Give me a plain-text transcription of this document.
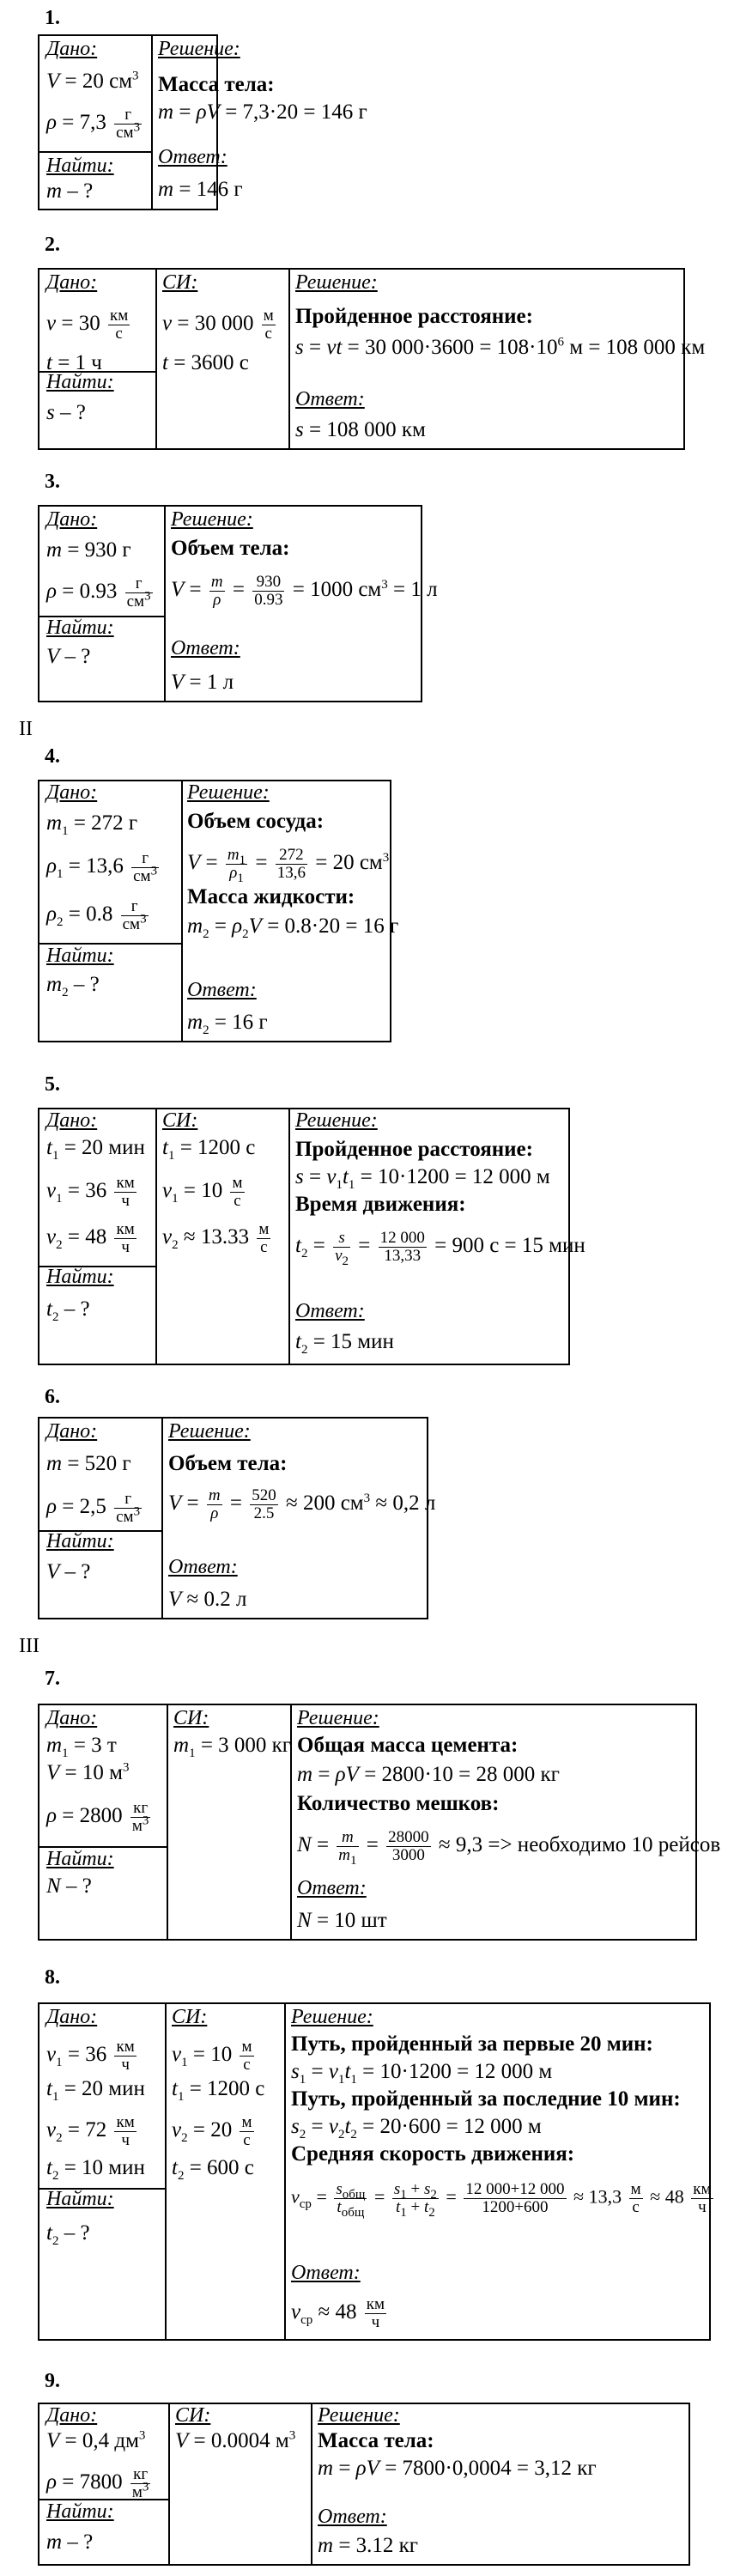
1.
Дано:
V = 20 $см^3$
ρ = 7,3 г
$см^3$
Найти:
m – ?
Решение:
Масса тела:
m = ρV = 7,3·20 = 146 г
Ответ:
m = 146 г
2.
Дано:
v = 30 км
с
t = 1 ч
Найти:
s – ?
СИ:
v = 30 000 м
с
t = 3600 с
Решение:
Пройденное расстояние:
s = vt = 30 $000\cdot 3600 = 108\cdot 10^6$ м = 108 000 км
Ответ:
s = 108 000 км
3.
Дано:
m = 930 г
ρ = 0.93 г
$см^3$
Найти:
V – ?
Решение:
Объем тела:
$V = \frac{m}{\rho} = \frac{930}{0.93} = 1000$ $см^3 = 1$ л
Ответ:
V = 1 л
II
4.
Дано:
$m_1 = 272$ г
$\rho_1 = 13,6$ г
$см^3$
$\rho_2 = 0.8$ г
$см^3$
Найти:
$m_2$ – ?
Решение:
Объем сосуда:
$V = \frac{m_1}{\rho_1} = \frac{272}{13,6} = 20$ $см^3$
Масса жидкости:
$m_2 = \rho_2V = 0.8\cdot 20 = 16$ г
Ответ:
$m_2 = 16$ г
5.
Дано:
$t_1 = 20$ мин
$v_1 = 36$ км
ч
$v_2 = 48$ км
ч
Найти:
$t_2$ – ?
СИ:
$t_1 = 1200$ с
$v_1 = 10$ м
с
$v_2 \approx 13.33$ м
с
Решение:
Пройденное расстояние:
$s = v_1t_1 = 10\cdot 1200 = 12$ 000 м
Время движения:
$t_2 = \frac{s}{v_2} = \frac{12 000}{13,33} = 900$ с = 15 мин
Ответ:
$t_2 = 15$ мин
6.
Дано:
m = 520 г
ρ = 2,5 г
$см^3$
Найти:
V – ?
Решение:
Объем тела:
$V = \frac{m}{\rho} = \frac{520}{2.5} \approx 200$ $см^3 \approx 0,2$ л
Ответ:
V ≈ 0.2 л
III
7.
Дано:
$m_1 = 3$ т
V = 10 $м^3$
ρ = 2800 кг
$м^3$
Найти:
N – ?
СИ:
$m_1 = 3$ 000 кг
Решение:
Общая масса цемента:
m = ρV = 2800·10 = 28 000 кг
Количество мешков:
$N = \frac{m}{m_1} = \frac{28000}{3000} \approx 9,3$ => необходимо 10 рейсов
Ответ:
N = 10 шт
8.
Дано:
$v_1 = 36$ км
ч
$t_1 = 20$ мин
$v_2 = 72$ км
ч
$t_2 = 10$ мин
Найти:
$t_2$ – ?
СИ:
$v_1 = 10$ м
с
$t_1 = 1200$ с
$v_2 = 20$ м
с
$t_2 = 600$ с
Решение:
Путь, пройденный за первые 20 мин:
$s_1 = v_1t_1 = 10\cdot 1200 = 12$ 000 м
Путь, пройденный за последние 10 мин:
$s_2 = v_2t_2 = 20\cdot 600 = 12$ 000 м
Средняя скорость движения:
$v_{ср} = s_{общ}$
$t_{общ}$
= $\frac{s_1 + s_2}{t_1 + t_2} = \frac{12 000+12 000}{1200+600} \approx 13,3$ м
с ≈ 48 км
ч
Ответ:
$v_{ср} \approx 48$ км
ч
9.
Дано:
V = 0,4 $дм^3$
ρ = 7800 кг
$м^3$
Найти:
m – ?
СИ:
V = 0.0004 $м^3$
Решение:
Масса тела:
m = ρV = 7800·0,0004 = 3,12 кг
Ответ:
m = 3.12 кг
